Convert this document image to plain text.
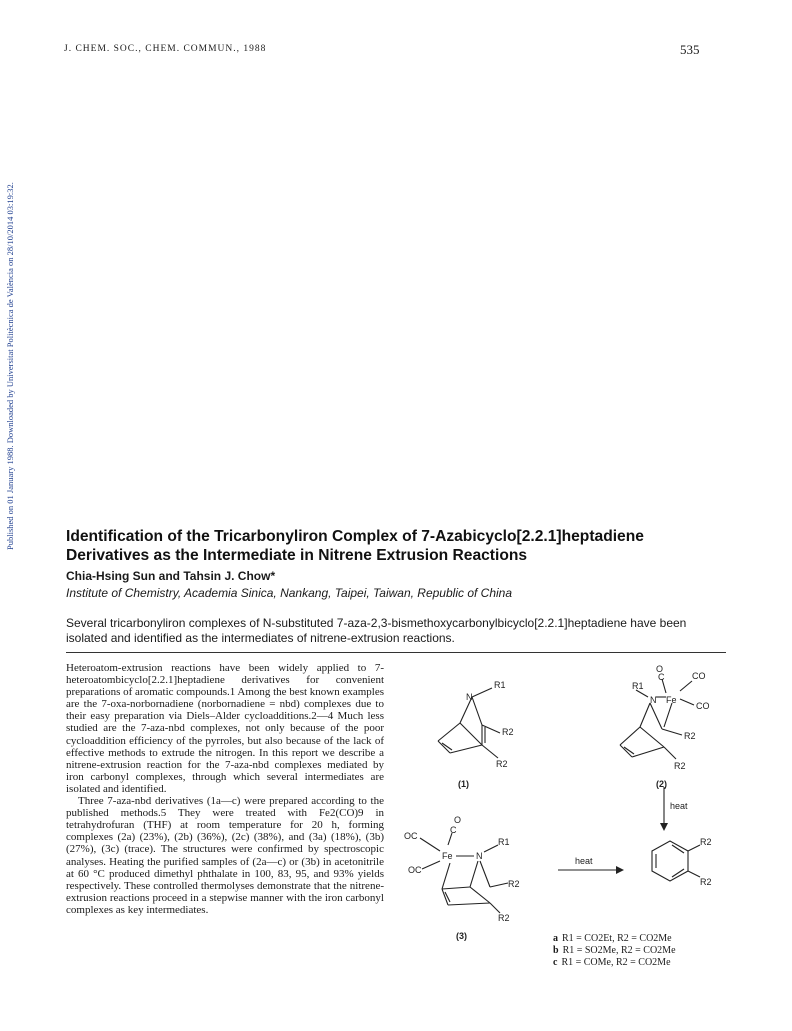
J. CHEM. SOC., CHEM. COMMUN., 1988	535
Published on 01 January 1988. Downloaded by Universitat Politècnica de València on 28/10/2014 03:19:32.	Identification of the Tricarbonyliron Complex of 7-Azabicyclo[2.2.1]heptadiene Derivatives as the Intermediate in Nitrene Extrusion Reactions
Chia-Hsing Sun and Tahsin J. Chow*
Institute of Chemistry, Academia Sinica, Nankang, Taipei, Taiwan, Republic of China
Several tricarbonyliron complexes of N-substituted 7-aza-2,3-bismethoxycarbonylbicyclo[2.2.1]heptadiene have been isolated and identified as the intermediates of nitrene-extrusion reactions.

Heteroatom-extrusion reactions have been widely applied to 7-heteroatombicyclo[2.2.1]heptadiene derivatives for convenient preparations of aromatic compounds.1 Among the best known examples are the 7-oxa-norbornadiene (norbornadiene = nbd) complexes due to their easy preparation via Diels–Alder cycloadditions.2—4 Much less studied are the 7-aza-nbd complexes, not only because of the poor cycloaddition efficiency of the pyrroles, but also because of the lack of effective methods to extrude the nitrogen. In this report we describe a nitrene-extrusion reaction for the 7-aza-nbd complexes mediated by iron carbonyl complexes, through which several intermediates are isolated and identified.

Three 7-aza-nbd derivatives (1a—c) were prepared according to the published methods.5 They were treated with Fe2(CO)9 in tetrahydrofuran (THF) at room temperature for 20 h, forming complexes (2a) (23%), (2b) (36%), (2c) (38%), and (3a) (18%), (3b) (27%), (3c) (trace). The structures were confirmed by spectroscopic analyses. Heating the purified samples of (2a—c) or (3b) in acetonitrile at 60 °C produced dimethyl phthalate in 100, 83, 95, and 93% yields respectively. These controlled thermolyses demonstrate that the nitrene-extrusion reactions proceed in a stepwise manner with the iron carbonyl complexes as key intermediates.

N
R1
R2
R2
(1)
R1
N Fe
O
C	CO
CO
R2
R2
(2)
heat
OC
OC
O
C
Fe	N
R1
R2
R2
(3)
heat
R2
R2
a R1 = CO2Et, R2 = CO2Me
b R1 = SO2Me, R2 = CO2Me
c R1 = COMe, R2 = CO2Me
